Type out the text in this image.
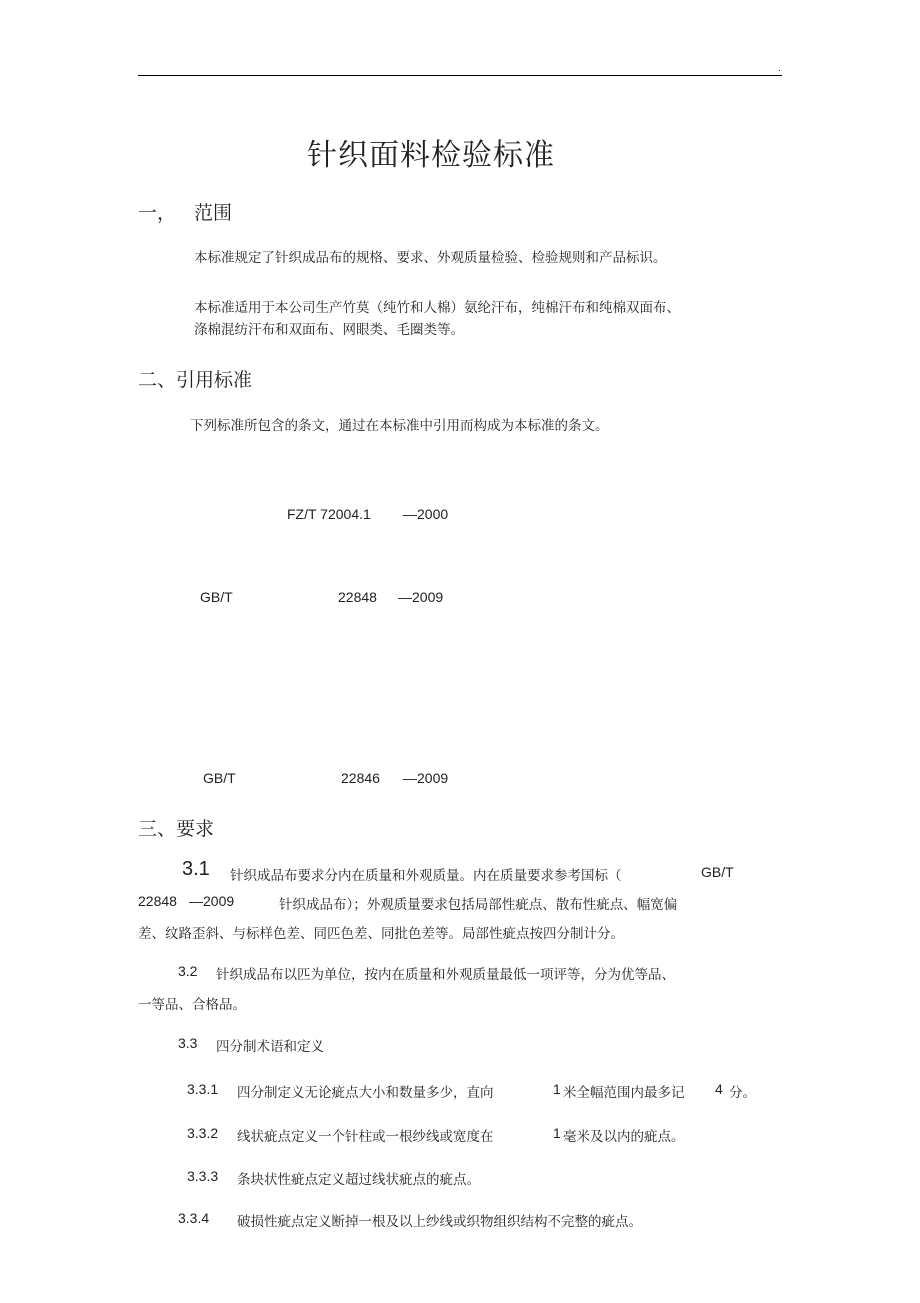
.
针织面料检验标准
一， 范围
本标准规定了针织成品布的规格、要求、外观质量检验、检验规则和产品标识。
本标准适用于本公司生产竹莫（纯竹和人棉）氨纶汗布，纯棉汗布和纯棉双面布、
涤棉混纺汗布和双面布、网眼类、毛圈类等。
二、引用标准
下列标准所包含的条文，通过在本标准中引用而构成为本标准的条文。
FZ/T 72004.1 —2000
GB/T	22848 —2009
GB/T	22846 —2009
三、要求
3.1 针织成品布要求分内在质量和外观质量。内在质量要求参考国标（	GB/T
22848 —2009	针织成品布）；外观质量要求包括局部性疵点、散布性疵点、幅宽偏
差、纹路歪斜、与标样色差、同匹色差、同批色差等。局部性疵点按四分制计分。
3.2 针织成品布以匹为单位，按内在质量和外观质量最低一项评等，分为优等品、
一等品、合格品。
3.3 四分制术语和定义
3.3.1 四分制定义无论疵点大小和数量多少，直向	1 米全幅范围内最多记 4 分。
3.3.2 线状疵点定义一个针柱或一根纱线或宽度在	1 毫米及以内的疵点。
3.3.3 条块状性疵点定义超过线状疵点的疵点。
3.3.4 破损性疵点定义断掉一根及以上纱线或织物组织结构不完整的疵点。
